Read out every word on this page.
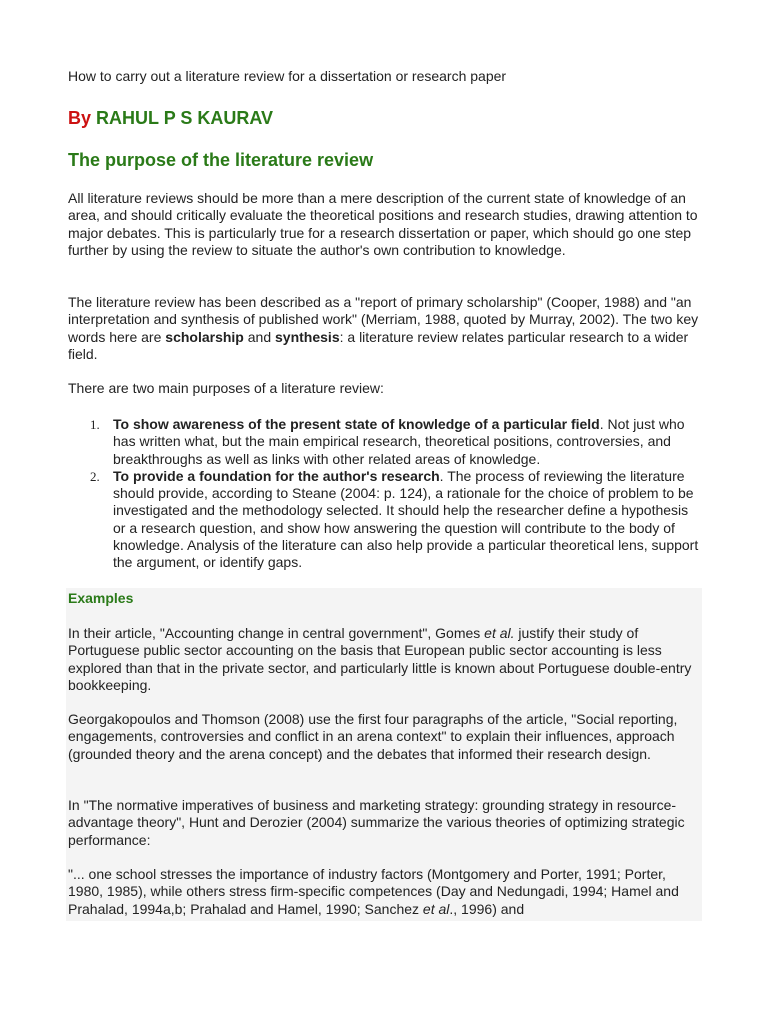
How to carry out a literature review for a dissertation or research paper
By RAHUL P S KAURAV
The purpose of the literature review

All literature reviews should be more than a mere description of the current state of knowledge of an area, and should critically evaluate the theoretical positions and research studies, drawing attention to major debates. This is particularly true for a research dissertation or paper, which should go one step further by using the review to situate the author's own contribution to knowledge.

The literature review has been described as a "report of primary scholarship" (Cooper, 1988) and "an interpretation and synthesis of published work" (Merriam, 1988, quoted by Murray, 2002). The two key words here are scholarship and synthesis: a literature review relates particular research to a wider field.

There are two main purposes of a literature review:

1. To show awareness of the present state of knowledge of a particular field. Not just who has written what, but the main empirical research, theoretical positions, controversies, and breakthroughs as well as links with other related areas of knowledge.
2. To provide a foundation for the author's research. The process of reviewing the literature should provide, according to Steane (2004: p. 124), a rationale for the choice of problem to be investigated and the methodology selected. It should help the researcher define a hypothesis or a research question, and show how answering the question will contribute to the body of knowledge. Analysis of the literature can also help provide a particular theoretical lens, support the argument, or identify gaps.
Examples

In their article, "Accounting change in central government", Gomes et al. justify their study of Portuguese public sector accounting on the basis that European public sector accounting is less explored than that in the private sector, and particularly little is known about Portuguese double-entry bookkeeping.

Georgakopoulos and Thomson (2008) use the first four paragraphs of the article, "Social reporting, engagements, controversies and conflict in an arena context" to explain their influences, approach (grounded theory and the arena concept) and the debates that informed their research design.

In "The normative imperatives of business and marketing strategy: grounding strategy in resource-advantage theory", Hunt and Derozier (2004) summarize the various theories of optimizing strategic performance:

"... one school stresses the importance of industry factors (Montgomery and Porter, 1991; Porter, 1980, 1985), while others stress firm-specific competences (Day and Nedungadi, 1994; Hamel and Prahalad, 1994a,b; Prahalad and Hamel, 1990; Sanchez et al., 1996) and
